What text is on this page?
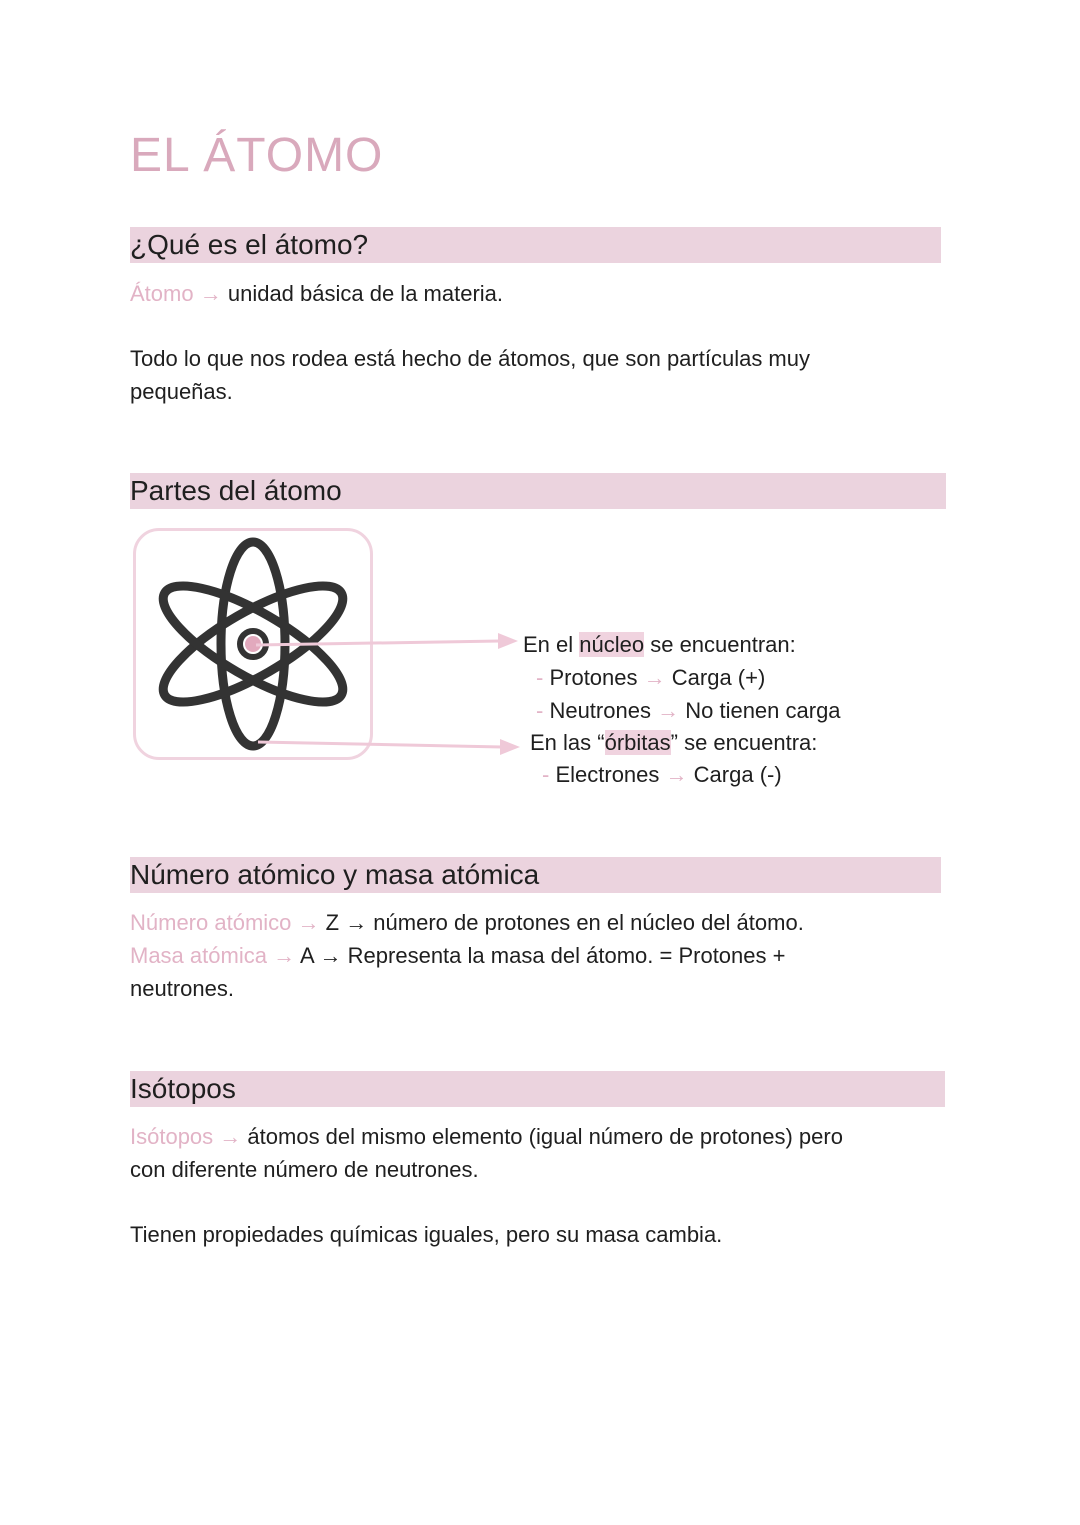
EL ÁTOMO
¿Qué es el átomo?
Átomo → unidad básica de la materia.
Todo lo que nos rodea está hecho de átomos, que son partículas muy
pequeñas.
Partes del átomo
En el núcleo se encuentran:
- Protones → Carga (+)
- Neutrones → No tienen carga
En las “órbitas” se encuentra:
- Electrones → Carga (-)
Número atómico y masa atómica
Número atómico → Z → número de protones en el núcleo del átomo.
Masa atómica → A → Representa la masa del átomo. = Protones +
neutrones.
Isótopos
Isótopos → átomos del mismo elemento (igual número de protones) pero
con diferente número de neutrones.
Tienen propiedades químicas iguales, pero su masa cambia.
